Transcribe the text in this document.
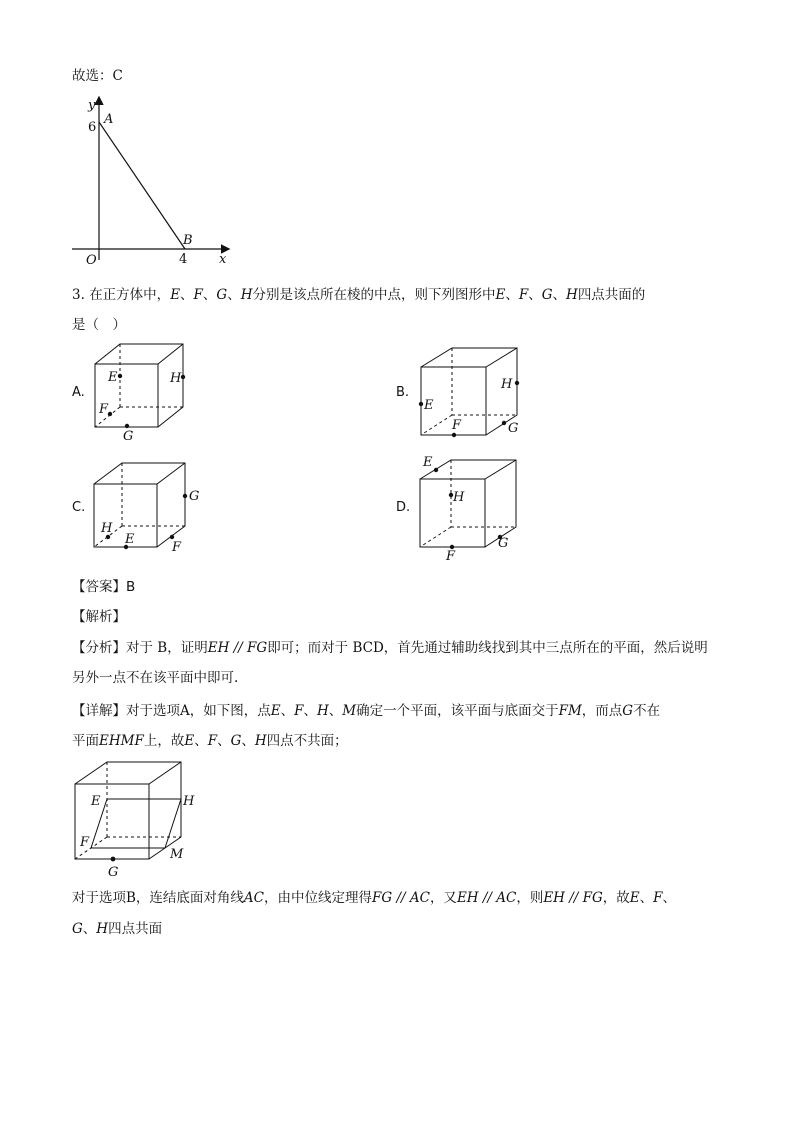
故选：C
y
x
O
A
B
6
4
3. 在正方体中，E、F、G、H分别是该点所在棱的中点，则下列图形中E、F、G、H四点共面的
是（　）
A.
E	H
F
G
B.
E
H
F	G
C.
G
H
E
F
D.
E
H
F
G
【答案】B
【解析】
【分析】对于 B，证明EH // FG即可；而对于 BCD，首先通过辅助线找到其中三点所在的平面，然后说明
另外一点不在该平面中即可.
【详解】对于选项A，如下图，点E、F、H、M确定一个平面，该平面与底面交于FM，而点G不在
平面EHMF上，故E、F、G、H四点不共面；
E	H
F
M
G
对于选项B，连结底面对角线AC，由中位线定理得FG // AC，又EH // AC，则EH // FG，故E、F、
G、H四点共面
